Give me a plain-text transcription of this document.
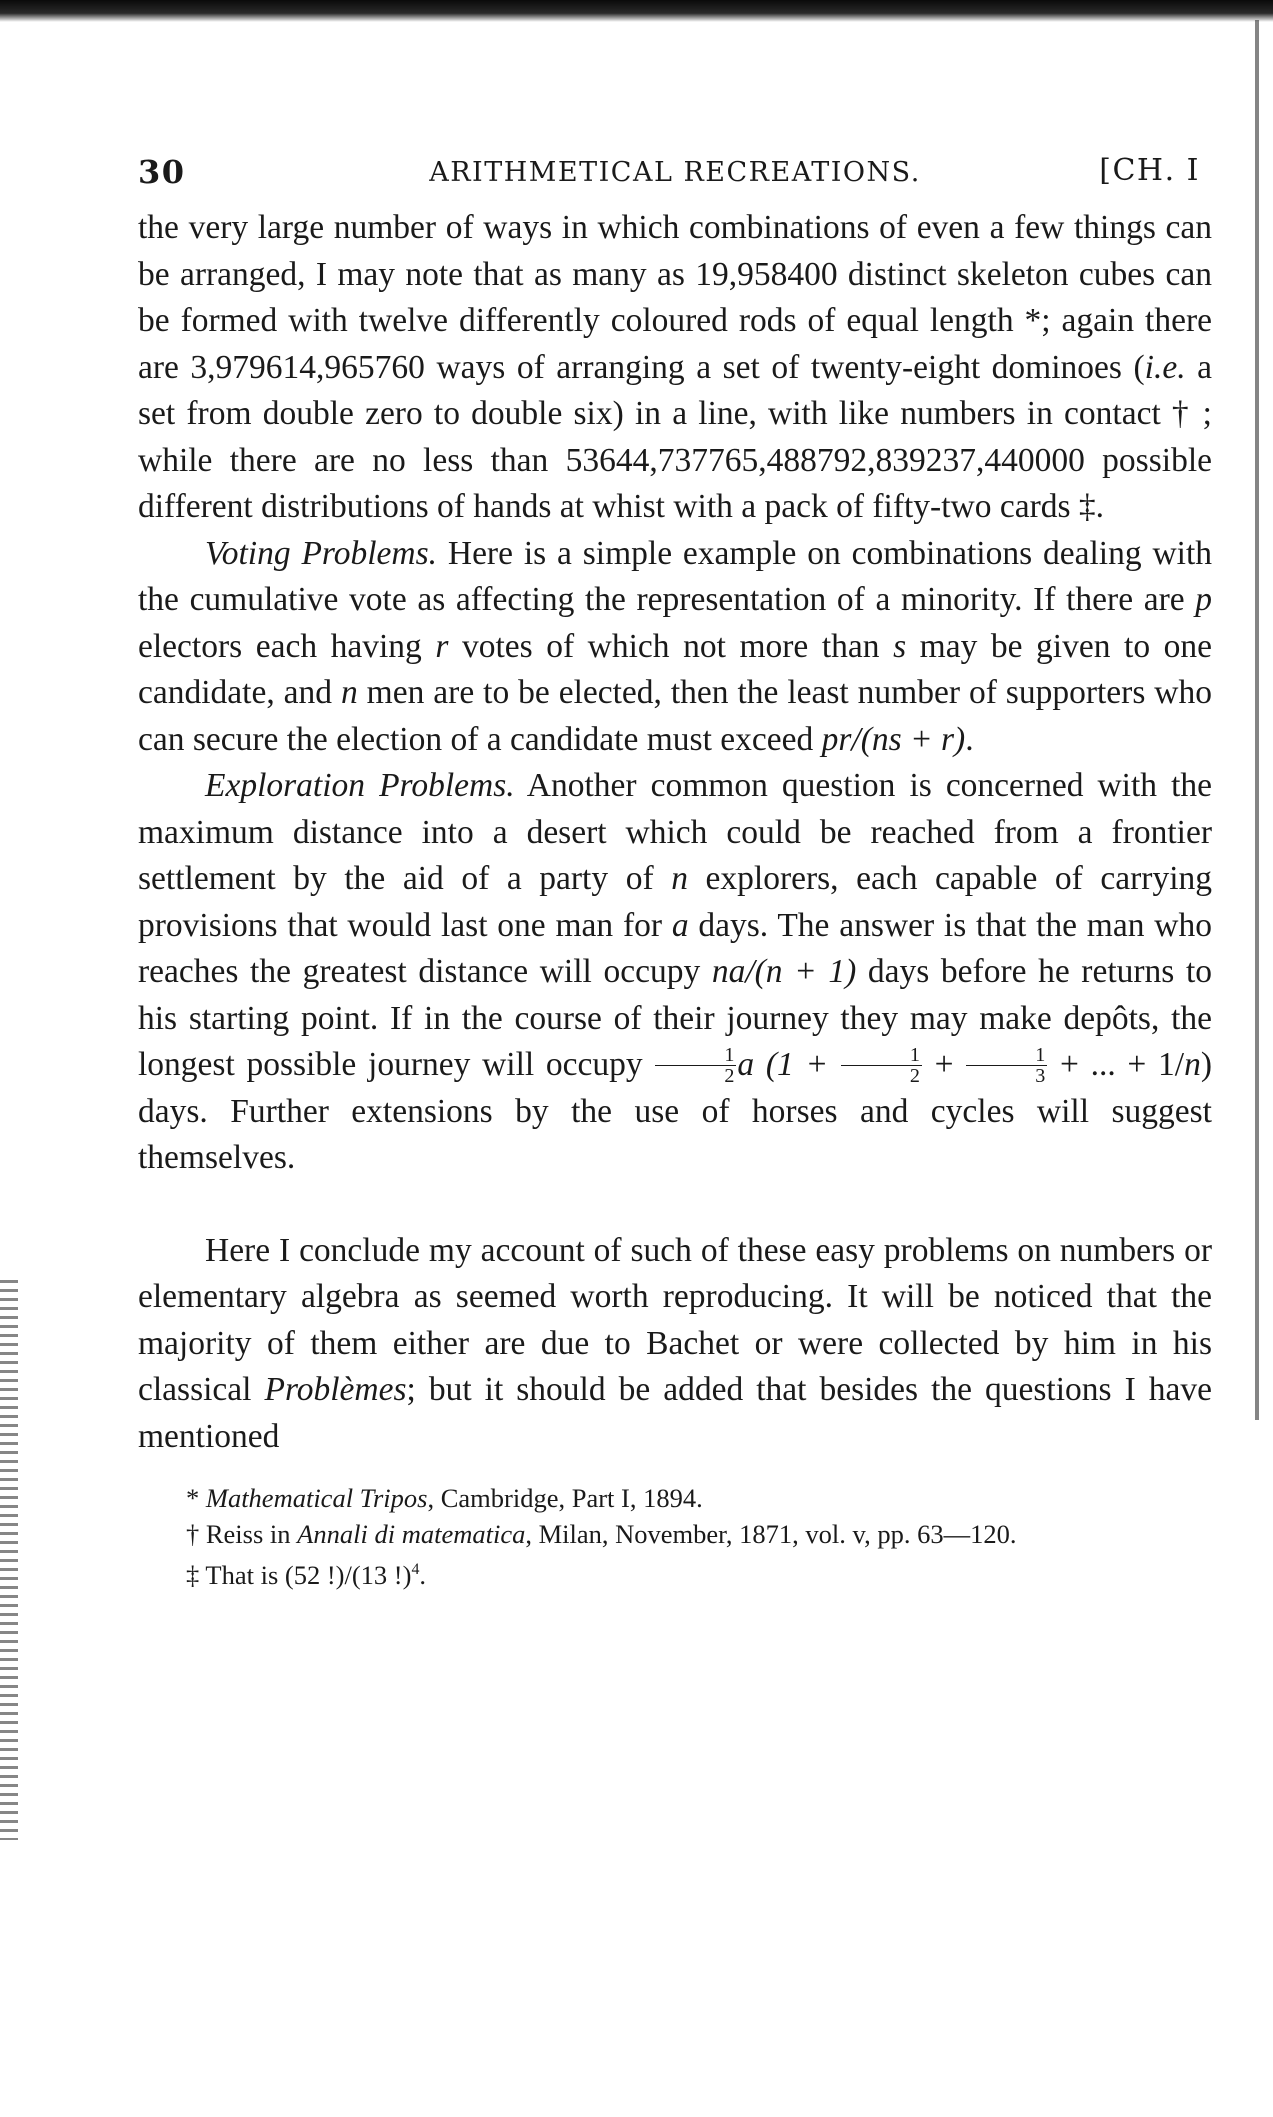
30	ARITHMETICAL RECREATIONS.	[CH. I

the very large number of ways in which combinations of even a few things can be arranged, I may note that as many as 19,958400 distinct skeleton cubes can be formed with twelve differently coloured rods of equal length *; again there are 3,979614,965760 ways of arranging a set of twenty-eight dominoes (i.e. a set from double zero to double six) in a line, with like numbers in contact † ; while there are no less than 53644,737765,488792,839237,440000 possible different distributions of hands at whist with a pack of fifty-two cards ‡.

Voting Problems. Here is a simple example on combinations dealing with the cumulative vote as affecting the representation of a minority. If there are p electors each having r votes of which not more than s may be given to one candidate, and n men are to be elected, then the least number of supporters who can secure the election of a candidate must exceed pr/(ns + r).

Exploration Problems. Another common question is concerned with the maximum distance into a desert which could be reached from a frontier settlement by the aid of a party of n explorers, each capable of carrying provisions that would last one man for a days. The answer is that the man who reaches the greatest distance will occupy na/(n + 1) days before he returns to his starting point. If in the course of their journey they may make depôts, the longest possible journey will occupy $\frac{1}{2}$ a ($1 + \frac{1}{2} + \frac{1}{3}$ + ... + 1/n) days. Further extensions by the use of horses and cycles will suggest themselves.

Here I conclude my account of such of these easy problems on numbers or elementary algebra as seemed worth reproducing. It will be noticed that the majority of them either are due to Bachet or were collected by him in his classical Problèmes; but it should be added that besides the questions I have mentioned

* Mathematical Tripos, Cambridge, Part I, 1894.

† Reiss in Annali di matematica, Milan, November, 1871, vol. v, pp. 63—120.

‡ That is (52 !)/(13 !)$^4$.
